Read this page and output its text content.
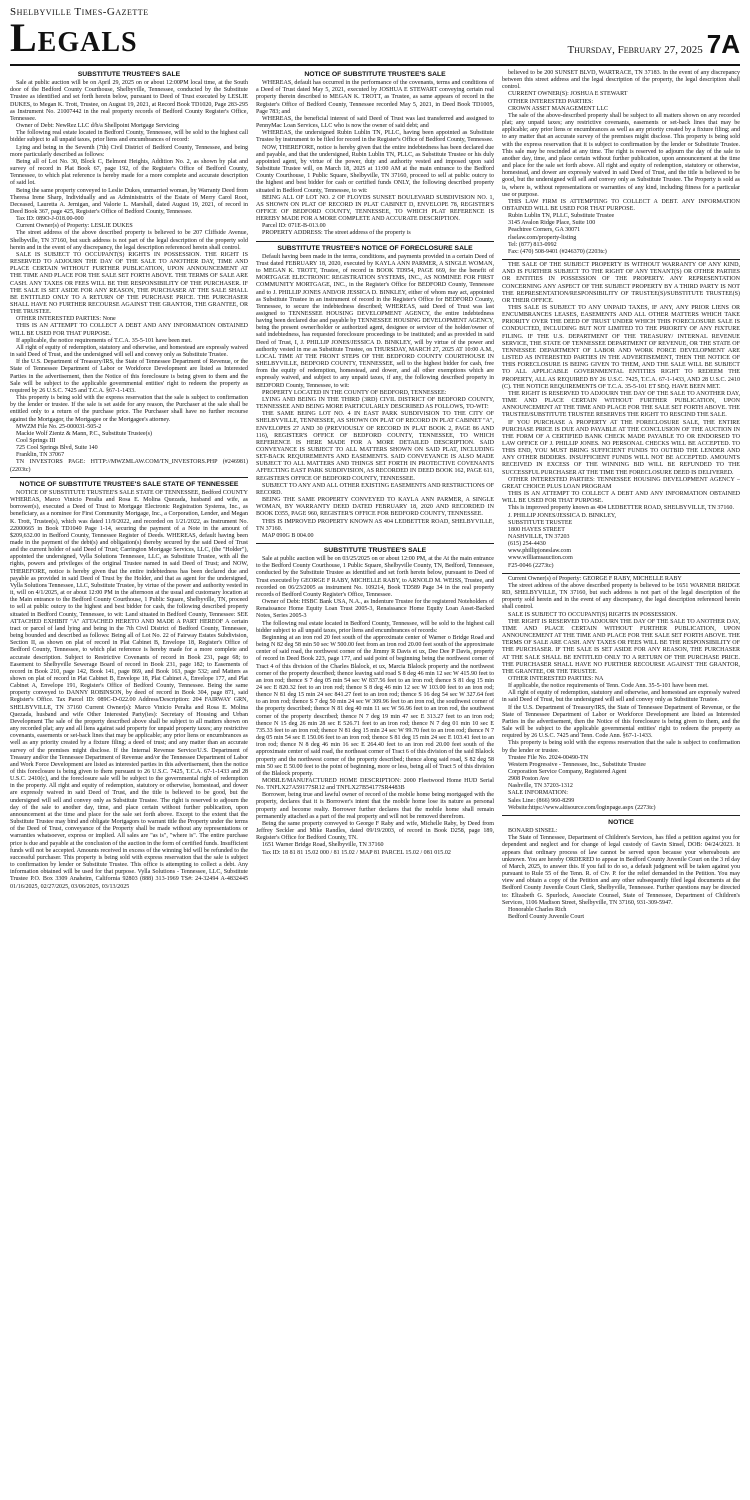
Shelbyville Times-Gazette
Legals	Thursday, February 27, 2025 7A
SUBSTITUTE TRUSTEE'S SALE

Sale at public auction will be on April 29, 2025 on or about 12:00PM local time, at the South door of the Bedford County Courthouse, Shelbyville, Tennessee, conducted by the Substitute Trustee as identified and set forth herein below, pursuant to Deed of Trust executed by LESLIE DUKES, to Megan K. Trott, Trustee, on August 19, 2021, at Record Book TD1020, Page 283-295 as Instrument No. 21007442 in the real property records of Bedford County Register's Office, Tennessee.

Owner of Debt: NewRez LLC d/b/a Shellpoint Mortgage Servicing

The following real estate located in Bedford County, Tennessee, will be sold to the highest call bidder subject to all unpaid taxes, prior liens and encumbrances of record:

Lying and being in the Seventh (7th) Civil District of Bedford County, Tennessee, and being more particularly described as follows:

Being all of Lot No. 30, Block C, Belmont Heights, Addition No. 2, as shown by plat and survey of record in Plat Book 67, page 192, of the Register's Office of Bedford County, Tennessee, to which plat reference is hereby made for a more complete and accurate description of said lot.

Being the same property conveyed to Leslie Dukes, unmarried woman, by Warranty Deed from Theresa Irene Sharp, Individually and as Administratrix of the Estate of Merry Carol Root, Deceased, Lauretta A. Jernigan, and Valorie L. Marshall, dated August 19, 2021, of record in Deed Book 367, page 425, Register's Office of Bedford County, Tennessee.

Tax ID: 089O-J-018.00-000

Current Owner(s) of Property: LESLIE DUKES

The street address of the above described property is believed to be 207 Cliffside Avenue, Shelbyville, TN 37160, but such address is not part of the legal description of the property sold herein and in the event of any discrepancy, the legal description referenced herein shall control.

SALE IS SUBJECT TO OCCUPANT(S) RIGHTS IN POSSESSION. THE RIGHT IS RESERVED TO ADJOURN THE DAY OF THE SALE TO ANOTHER DAY, TIME AND PLACE CERTAIN WITHOUT FURTHER PUBLICATION, UPON ANNOUNCEMENT AT THE TIME AND PLACE FOR THE SALE SET FORTH ABOVE. THE TERMS OF SALE ARE CASH. ANY TAXES OR FEES WILL BE THE RESPONSIBILITY OF THE PURCHASER. IF THE SALE IS SET ASIDE FOR ANY REASON, THE PURCHASER AT THE SALE SHALL BE ENTITLED ONLY TO A RETURN OF THE PURCHASE PRICE. THE PURCHASER SHALL HAVE NO FURTHER RECOURSE AGAINST THE GRANTOR, THE GRANTEE, OR THE TRUSTEE.

OTHER INTERESTED PARTIES: None

THIS IS AN ATTEMPT TO COLLECT A DEBT AND ANY INFORMATION OBTAINED WILL BE USED FOR THAT PURPOSE.

If applicable, the notice requirements of T.C.A. 35-5-101 have been met.

All right of equity of redemption, statutory and otherwise, and homestead are expressly waived in said Deed of Trust, and the undersigned will sell and convey only as Substitute Trustee.

If the U.S. Department of Treasury/IRS, the State of Tennessee Department of Revenue, or the State of Tennessee Department of Labor or Workforce Development are listed as Interested Parties in the advertisement, then the Notice of this foreclosure is being given to them and the Sale will be subject to the applicable governmental entities' right to redeem the property as required by 26 U.S.C. 7425 and T.C.A. §67-1-1433.

This property is being sold with the express reservation that the sale is subject to confirmation by the lender or trustee. If the sale is set aside for any reason, the Purchaser at the sale shall be entitled only to a return of the purchase price. The Purchaser shall have no further recourse against the Mortgagor, the Mortgagee or the Mortgagee's attorney.

MWZM File No. 25-000031-505-2

Mackie Wolf Zientz & Mann, P.C., Substitute Trustee(s)

Cool Springs III

725 Cool Springs Blvd, Suite 140

Franklin, TN 37067

TN INVESTORS PAGE: HTTP://MWZMLAW.COM/TN_INVESTORS.PHP (#246981) (2203tc)

NOTICE OF SUBSTITUTE TRUSTEE'S SALE STATE OF TENNESSEE

NOTICE OF SUBSTITUTE TRUSTEE'S SALE STATE OF TENNESSEE, Bedford COUNTY WHEREAS, Marco Vinicio Peralta and Rosa E. Molina Quezada, husband and wife, as borrower(s), executed a Deed of Trust to Mortgage Electronic Registration Systems, Inc., as beneficiary, as a nominee for First Community Mortgage, Inc., a Corporation, Lender, and Megan K. Trott, Trustee(s), which was dated 11/9/2022, and recorded on 1/21/2022, as Instrument No. 22000665 in Book TD1040 Page 1-14, securing the payment of a Note in the amount of $209,632.00 in Bedford County, Tennessee Register of Deeds. WHEREAS, default having been made in the payment of the debt(s) and obligation(s) thereby secured by the said Deed of Trust and the current holder of said Deed of Trust; Carrington Mortgage Services, LLC, (the "Holder"), appointed the undersigned, Vylla Solutions Tennessee, LLC, as Substitute Trustee, with all the rights, powers and privileges of the original Trustee named in said Deed of Trust; and NOW, THEREFORE, notice is hereby given that the entire indebtedness has been declared due and payable as provided in said Deed of Trust by the Holder, and that as agent for the undersigned, Vylla Solutions Tennessee, LLC, Substitute Trustee, by virtue of the power and authority vested in it, will on 4/1/2025, at or about 12:00 PM in the afternoon at the usual and customary location at the Main entrance to the Bedford County Courthouse, 1 Public Square, Shelbyville, TN, proceed to sell at public outcry to the highest and best bidder for cash, the following described property situated in Bedford County, Tennessee, to wit: Land situated in Bedford County, Tennessee: SEE ATTACHED EXHIBIT "A" ATTACHED HERETO AND MADE A PART HEREOF A certain tract or parcel of land lying and being in the 7th Civil District of Bedford County, Tennessee, being bounded and described as follows: Being all of Lot No. 22 of Fairway Estates Subdivision, Section II, as shown on plat of record in Plat Cabinet B, Envelope 18, Register's Office of Bedford County, Tennessee, to which plat reference is hereby made for a more complete and accurate description. Subject to Restrictive Covenants of record in Book 231, page 68; to Easement to Shelbyville Sewerage Board of record in Book 231, page 182; to Easements of record in Book 210, page 142, Book 141, page 869, and Book 163, page 532; and Matters as shown on plat of record in Plat Cabinet B, Envelope 18, Plat Cabinet A, Envelope 177, and Plat Cabinet A, Envelope 191, Register's Office of Bedford County, Tennessee. Being the same property conveyed to DANNY ROBINSON, by deed of record in Book 304, page 871, said Register's Office. Tax Parcel ID: 089C-D-022.00 Address/Description: 204 FAIRWAY GRN, SHELBYVILLE, TN 37160 Current Owner(s): Marco Vinicio Peralta and Rosa E. Molina Quezada, husband and wife Other Interested Party(ies): Secretary of Housing and Urban Development The sale of the property described above shall be subject to all matters shown on any recorded plat; any and all liens against said property for unpaid property taxes; any restrictive covenants, easements or set-back lines that may be applicable; any prior liens or encumbrances as well as any priority created by a fixture filing; a deed of trust; and any matter than an accurate survey of the premises might disclose. If the Internal Revenue Service/U.S. Department of Treasury and/or the Tennessee Department of Revenue and/or the Tennessee Department of Labor and Work Force Development are listed as interested parties in this advertisement, then the notice of this foreclosure is being given to them pursuant to 26 U.S.C. 7425, T.C.A. 67-1-1433 and 28 U.S.C. 2410(c), and the foreclosure sale will be subject to the governmental right of redemption in the property. All right and equity of redemption, statutory or otherwise, homestead, and dower are expressly waived in said Deed of Trust, and the title is believed to be good, but the undersigned will sell and convey only as Substitute Trustee. The right is reserved to adjourn the day of the sale to another day, time, and place certain without further publication, upon announcement at the time and place for the sale set forth above. Except to the extent that the Substitute Trustee may bind and obligate Mortgagors to warrant title the Property under the terms of the Deed of Trust, conveyance of the Property shall be made without any representations or warranties whatsoever, express or implied. All sales are "as is", "where is". The entire purchase price is due and payable at the conclusion of the auction in the form of certified funds. Insufficient funds will not be accepted. Amounts received in excess of the winning bid will be refunded to the successful purchaser. This property is being sold with express reservation that the sale is subject to confirmation by lender or Substitute Trustee. This office is attempting to collect a debt. Any information obtained will be used for that purpose. Vylla Solutions - Tennessee, LLC, Substitute Trustee P.O. Box 3309 Anaheim, California 92803 (888) 313-1969 TS#: 24-32494 A-4832445 01/16/2025, 02/27/2025, 03/06/2025, 03/13/2025

NOTICE OF SUBSTITUTE TRUSTEE'S SALE

WHEREAS, default has occurred in the performance of the covenants, terms and conditions of a Deed of Trust dated May 5, 2021, executed by JOSHUA E STEWART conveying certain real property therein described to MEGAN K. TROTT, as Trustee, as same appears of record in the Register's Office of Bedford County, Tennessee recorded May 5, 2021, in Deed Book TD1005, Page 783; and

WHEREAS, the beneficial interest of said Deed of Trust was last transferred and assigned to PennyMac Loan Services, LLC who is now the owner of said debt; and

WHEREAS, the undersigned Rubin Lublin TN, PLLC, having been appointed as Substitute Trustee by instrument to be filed for record in the Register's Office of Bedford County, Tennessee.

NOW, THEREFORE, notice is hereby given that the entire indebtedness has been declared due and payable, and that the undersigned, Rubin Lublin TN, PLLC, as Substitute Trustee or his duly appointed agent, by virtue of the power, duty and authority vested and imposed upon said Substitute Trustee will, on March 18, 2025 at 11:00 AM at the main entrance to the Bedford County Courthouse, 1 Public Square, Shelbyville, TN 37160, proceed to sell at public outcry to the highest and best bidder for cash or certified funds ONLY, the following described property situated in Bedford County, Tennessee, to wit:

BEING ALL OF LOT NO. 2 OF FLOYDS SUNSET BOULEVARD SUBDIVISION NO. 1, AS SHOWN ON PLAT OF RECORD IN PLAT CABINET D, ENVELOPE 78, REGISTER'S OFFICE OF BEDFORD COUNTY, TENNESSEE, TO WHICH PLAT REFERENCE IS HEREBY MADE FOR A MORE COMPLETE AND ACCURATE DESCRIPTION.

Parcel ID: 071E-B-013.00

PROPERTY ADDRESS: The street address of the property is

SUBSTITUTE TRUSTEE'S NOTICE OF FORECLOSURE SALE

Default having been made in the terms, conditions, and payments provided in a certain Deed of Trust dated FEBRUARY 18, 2020, executed by KAYLA ANN PARMER, A SINGLE WOMAN, to MEGAN K. TROTT, Trustee, of record in BOOK TD954, PAGE 669, for the benefit of MORTGAGE ELECTRONIC REGISTRATION SYSTEMS, INC., AS NOMINEE FOR FIRST COMMUNITY MORTGAGE, INC., in the Register's Office for BEDFORD County, Tennessee and to J. PHILLIP JONES AND/OR JESSICA D. BINKLEY, either of whom may act, appointed as Substitute Trustee in an instrument of record in the Register's Office for BEDFORD County, Tennessee, to secure the indebtedness described; WHEREAS, said Deed of Trust was last assigned to TENNESSEE HOUSING DEVELOPMENT AGENCY, the entire indebtedness having been declared due and payable by TENNESSEE HOUSING DEVELOPMENT AGENCY, being the present owner/holder or authorized agent, designee or servicer of the holder/owner of said indebtedness, has requested foreclosure proceedings to be instituted; and as provided in said Deed of Trust, I, J. PHILLIP JONES/JESSICA D. BINKLEY, will by virtue of the power and authority vested in me as Substitute Trustee, on THURSDAY, MARCH 27, 2025 AT 10:00 A.M., LOCAL TIME AT THE FRONT STEPS OF THE BEDFORD COUNTY COURTHOUSE IN SHELBYVILLE, BEDFORD COUNTY, TENNESSEE, sell to the highest bidder for cash, free from the equity of redemption, homestead, and dower, and all other exemptions which are expressly waived, and subject to any unpaid taxes, if any, the following described property in BEDFORD County, Tennessee, to wit:

PROPERTY LOCATED IN THE COUNTY OF BEDFORD, TENNESSEE:

LYING AND BEING IN THE THIRD (3RD) CIVIL DISTRICT OF BEDFORD COUNTY, TENNESSEE AND BEING MORE PARTICULARLY DESCRIBED AS FOLLOWS, TO-WIT:

THE SAME BEING LOT NO. 4 IN EAST PARK SUBDIVISION TO THE CITY OF SHELBYVILLE, TENNESSEE, AS SHOWN ON PLAT OF RECORD IN PLAT CABINET "A", ENVELOPES 27 AND 30 (PREVIOUSLY OF RECORD IN PLAT BOOK 2, PAGE 86 AND 116), REGISTER'S OFFICE OF BEDFORD COUNTY, TENNESSEE, TO WHICH REFERENCE IS HERE MADE FOR A MORE DETAILED DESCRIPTION. SAID CONVEYANCE IS SUBJECT TO ALL MATTERS SHOWN ON SAID PLAT, INCLUDING SET-BACK REQUIREMENTS AND EASEMENTS. SAID CONVEYANCE IS ALSO MADE SUBJECT TO ALL MATTERS AND THINGS SET FORTH IN PROTECTIVE COVENANTS AFFECTING EAST PARK SUBDIVISION, AS RECORDED IN DEED BOOK 162, PAGE 611, REGISTER'S OFFICE OF BEDFORD COUNTY, TENNESSEE.

SUBJECT TO ANY AND ALL OTHER EXISTING EASEMENTS AND RESTRICTIONS OF RECORD.

BEING THE SAME PROPERTY CONVEYED TO KAYLA ANN PARMER, A SINGLE WOMAN, BY WARRANTY DEED DATED FEBRUARY 18, 2020 AND RECORDED IN BOOK D355, PAGE 960, REGISTER'S OFFICE FOR BEDFORD COUNTY, TENNESSEE.

THIS IS IMPROVED PROPERTY KNOWN AS 404 LEDBETTER ROAD, SHELBYVILLE, TN 37160.

MAP 090G B 004.00

SUBSTITUTE TRUSTEE'S SALE

Sale at public auction will be on 03/25/2025 on or about 12:00 PM, at the At the main entrance to the Bedford County Courthouse, 1 Public Square, Shelbyville County, TN, Bedford, Tennessee, conducted by the Substitute Trustee as identified and set forth herein below, pursuant to Deed of Trust executed by GEORGE F RABY, MICHELLE RABY, to ARNOLD M. WEISS, Trustee, and recorded on 06/23/2005 as instrument No. 109214, Book TD589 Page 34 in the real property records of Bedford County Register's Office, Tennessee.

Owner of Debt: HSBC Bank USA, N.A., as Indenture Trustee for the registered Noteholders of Renaissance Home Equity Loan Trust 2005-3, Renaissance Home Equity Loan Asset-Backed Notes, Series 2005-3

The following real estate located in Bedford County, Tennessee, will be sold to the highest call bidder subject to all unpaid taxes, prior liens and encumbrances of records:

Beginning at an iron rod 20 feet south of the approximate center of Warner o Bridge Road and being N 82 deg 58 min 50 sec W 500.00 feet from an iron rod 20.00 feet south of the approximate center of said road, the northwest corner of the Jimmy R Davis et ux, Dee Dee P Davis, property of record in Deed Book 223, page 177, and said point of beginning being the northwest corner of Tract 4 of this division of the Charles Blalock, et ux, Marcia Blalock property and the northwest corner of the property described; thence leaving said road S 8 deg 46 min 12 sec W 415.90 feet to an iron rod; thence S 7 deg 05 min 54 sec W 837.56 feet to an iron rod; thence S 81 deg 15 min 24 sec E 820.32 feet to an iron rod; thence S 8 deg 46 min 12 sec W 103.00 feet to an iron rod; thence N 81 deg 15 min 24 sec 841.27 feet to an iron rod; thence S 16 deg 54 sec W 327.64 feet to an iron rod; thence S 7 deg 50 min 24 sec W 309.96 feet to an iron rod, the southwest corner of the property described; thence N 81 deg 40 min 11 sec W 56.96 feet to an iron rod, the southwest corner of the property described; thence N 7 deg 19 min 47 sec E 313.27 feet to an iron rod; thence N 15 deg 26 min 28 sec E 526.71 feet to an iron rod; thence N 7 deg 01 min 10 sec E 735.33 feet to an iron rod; thence N 81 deg 15 min 24 sec W 99.70 feet to an iron rod; thence N 7 deg 05 min 54 sec E 150.06 feet to an iron rod; thence S 81 deg 15 min 24 sec E 103.41 feet to an iron rod; thence N 8 deg 46 min 16 sec E 264.40 feet to an iron rod 20.00 feet south of the approximate center of said road, the northeast corner of Tract 6 of this division of the said Blalock property and the northwest corner of the property described; thence along said road, S 82 deg 58 min 50 sec E 50.00 feet to the point of beginning, more or less, being all of Tract 5 of this division of the Blalock property.

MOBILE/MANUFACTURED HOME DESCRIPTION: 2000 Fleetwood Home HUD Serial No. TNFLX27A59177SR12 and TNFLX27B54177SR4483B

Borrower, being true and lawful owner of record of the mobile home being mortgaged with the property, declares that it is Borrower's intent that the mobile home lose its nature as personal property and become realty. Borrower further declares that the mobile home shall remain permanently attached as a part of the real property and will not be removed therefrom.

Being the same property conveyed to George F Raby and wife, Michelle Raby, by Deed from Jeffrey Seckler and Mike Randles, dated 09/19/2003, of record in Book D258, page 189, Register's Office for Bedford County, TN.

1651 Warner Bridge Road, Shelbyville, TN 37160

Tax ID: 18 81 81 15.02 000 / 81 15.02 / MAP 81 PARCEL 15.02 / 081 015.02

believed to be 200 SUNSET BLVD, WARTRACE, TN 37183. In the event of any discrepancy between this street address and the legal description of the property, the legal description shall control.

CURRENT OWNER(S): JOSHUA E STEWART

OTHER INTERESTED PARTIES:

CROWN ASSET MANAGEMENT LLC

The sale of the above-described property shall be subject to all matters shown on any recorded plat; any unpaid taxes; any restrictive covenants, easements or set-back lines that may be applicable; any prior liens or encumbrances as well as any priority created by a fixture filing; and to any matter that an accurate survey of the premises might disclose. This property is being sold with the express reservation that it is subject to confirmation by the lender or Substitute Trustee. This sale may be rescinded at any time. The right is reserved to adjourn the day of the sale to another day, time, and place certain without further publication, upon announcement at the time and place for the sale set forth above. All right and equity of redemption, statutory or otherwise, homestead, and dower are expressly waived in said Deed of Trust, and the title is believed to be good, but the undersigned will sell and convey only as Substitute Trustee. The Property is sold as is, where is, without representations or warranties of any kind, including fitness for a particular use or purpose.

THIS LAW FIRM IS ATTEMPTING TO COLLECT A DEBT. ANY INFORMATION OBTAINED WILL BE USED FOR THAT PURPOSE.

Rubin Lublin TN, PLLC, Substitute Trustee

3145 Avalon Ridge Place, Suite 100

Peachtree Corners, GA 30071

rlselaw.com/property-listing

Tel: (877) 813-0992

Fax: (470) 508-9401 (#246370) (2203tc)

THE SALE OF THE SUBJECT PROPERTY IS WITHOUT WARRANTY OF ANY KIND, AND IS FURTHER SUBJECT TO THE RIGHT OF ANY TENANT(S) OR OTHER PARTIES OR ENTITIES IN POSSESSION OF THE PROPERTY. ANY REPRESENTATION CONCERNING ANY ASPECT OF THE SUBJECT PROPERTY BY A THIRD PARTY IS NOT THE REPRESENTATION/RESPONSIBILITY OF TRUSTEE(S)/SUBSTITUTE TRUSTEE(S) OR THEIR OFFICE.

THIS SALE IS SUBJECT TO ANY UNPAID TAXES, IF ANY, ANY PRIOR LIENS OR ENCUMBRANCES LEASES, EASEMENTS AND ALL OTHER MATTERS WHICH TAKE PRIORITY OVER THE DEED OF TRUST UNDER WHICH THIS FORECLOSURE SALE IS CONDUCTED, INCLUDING BUT NOT LIMITED TO THE PRIORITY OF ANY FIXTURE FILING. IF THE U.S. DEPARTMENT OF THE TREASURY/ INTERNAL REVENUE SERVICE, THE STATE OF TENNESSEE DEPARTMENT OF REVENUE, OR THE STATE OF TENNESSEE DEPARTMENT OF LABOR AND WORK FORCE DEVELOPMENT ARE LISTED AS INTERESTED PARTIES IN THE ADVERTISEMENT, THEN THE NOTICE OF THIS FORECLOSURE IS BEING GIVEN TO THEM, AND THE SALE WILL BE SUBJECT TO ALL APPLICABLE GOVERNMENTAL ENTITIES RIGHT TO REDEEM THE PROPERTY, ALL AS REQUIRED BY 26 U.S.C. 7425, T.C.A. 67-1-1433, AND 28 U.S.C. 2410 (C). THE NOTICE REQUIREMENTS OF T.C.A. 35-5-101 ET SEQ. HAVE BEEN MET.

THE RIGHT IS RESERVED TO ADJOURN THE DAY OF THE SALE TO ANOTHER DAY, TIME AND PLACE CERTAIN WITHOUT FURTHER PUBLICATION, UPON ANNOUNCEMENT AT THE TIME AND PLACE FOR THE SALE SET FORTH ABOVE. THE TRUSTEE/SUBSTITUTE TRUSTEE RESERVES THE RIGHT TO RESCIND THE SALE.

IF YOU PURCHASE A PROPERTY AT THE FORECLOSURE SALE, THE ENTIRE PURCHASE PRICE IS DUE AND PAYABLE AT THE CONCLUSION OF THE AUCTION IN THE FORM OF A CERTIFIED BANK CHECK MADE PAYABLE TO OR ENDORSED TO LAW OFFICE OF J. PHILLIP JONES. NO PERSONAL CHECKS WILL BE ACCEPTED. TO THIS END, YOU MUST BRING SUFFICIENT FUNDS TO OUTBID THE LENDER AND ANY OTHER BIDDERS. INSUFFICIENT FUNDS WILL NOT BE ACCEPTED. AMOUNTS RECEIVED IN EXCESS OF THE WINNING BID WILL BE REFUNDED TO THE SUCCESSFUL PURCHASER AT THE TIME THE FORECLOSURE DEED IS DELIVERED.

OTHER INTERESTED PARTIES: TENNESSEE HOUSING DEVELOPMENT AGENCY – GREAT CHOICE PLUS LOAN PROGRAM

THIS IS AN ATTEMPT TO COLLECT A DEBT AND ANY INFORMATION OBTAINED WILL BE USED FOR THAT PURPOSE.

This is improved property known as 404 LEDBETTER ROAD, SHELBYVILLE, TN 37160.

J. PHILLIP JONES/JESSICA D. BINKLEY,

SUBSTITUTE TRUSTEE

1800 HAYES STREET

NASHVILLE, TN 37203

(615) 254-4430

www.phillipjoneslaw.com

www.williamsauction.com

F25-0046 (2273tc)

Current Owner(s) of Property: GEORGE F RABY, MICHELLE RABY

The street address of the above described property is believed to be 1651 WARNER BRIDGE RD, SHELBYVILLE, TN 37160, but such address is not part of the legal description of the property sold herein and in the event of any discrepancy, the legal description referenced herein shall control.

SALE IS SUBJECT TO OCCUPANT(S) RIGHTS IN POSSESSION.

THE RIGHT IS RESERVED TO ADJOURN THE DAY OF THE SALE TO ANOTHER DAY, TIME AND PLACE CERTAIN WITHOUT FURTHER PUBLICATION, UPON ANNOUNCEMENT AT THE TIME AND PLACE FOR THE SALE SET FORTH ABOVE. THE TERMS OF SALE ARE CASH. ANY TAXES OR FEES WILL BE THE RESPONSIBILITY OF THE PURCHASER. IF THE SALE IS SET ASIDE FOR ANY REASON, THE PURCHASER AT THE SALE SHALL BE ENTITLED ONLY TO A RETURN OF THE PURCHASE PRICE. THE PURCHASER SHALL HAVE NO FURTHER RECOURSE AGAINST THE GRANTOR, THE GRANTEE, OR THE TRUSTEE.

OTHER INTERESTED PARTIES: NA

If applicable, the notice requirements of Tenn. Code Ann. 35-5-101 have been met.

All right of equity of redemption, statutory and otherwise, and homestead are expressly waived in said Deed of Trust, but the undersigned will sell and convey only as Substitute Trustee.

If the U.S. Department of Treasury/IRS, the State of Tennessee Department of Revenue, or the State of Tennessee Department of Labor or Workforce Development are listed as Interested Parties in the advertisement, then the Notice of this foreclosure is being given to them, and the Sale will be subject to the applicable governmental entities' right to redeem the property as required by 26 U.S.C. 7425 and Tenn. Code Ann. §67-1-1433.

This property is being sold with the express reservation that the sale is subject to confirmation by the lender or trustee.

Trustee File No. 2024-00490-TN

Western Progressive - Tennessee, Inc., Substitute Trustee

Corporation Service Company, Registered Agent

2908 Poston Ave

Nashville, TN 37203-1312

SALE INFORMATION:

Sales Line: (866) 960-8299

Website:https://www.altisource.com/loginpage.aspx (2273tc)

NOTICE

BONARD SINSEL:

The State of Tennessee, Department of Children's Services, has filed a petition against you for dependent and neglect and for change of legal custody of Gavin Sinsel, DOB: 04/24/2023. It appears that ordinary process of law cannot be served upon because your whereabouts are unknown. You are hereby ORDERED to appear in Bedford County Juvenile Court on the 3 rd day of March, 2025, to answer this. If you fail to do so, a default judgment will be taken against you pursuant to Rule 55 of the Tenn. R. of Civ. P. for the relief demanded in the Petition. You may view and obtain a copy of the Petition and any other subsequently filed legal documents at the Bedford County Juvenile Court Clerk, Shelbyville, Tennessee. Further questions may be directed to: Elizabeth G. Spurlock, Associate Counsel, State of Tennessee, Department of Children's Services, 1106 Madison Street, Shelbyville, TN 37160, 931-309-5947.

Honorable Charles Rich

Bedford County Juvenile Court
